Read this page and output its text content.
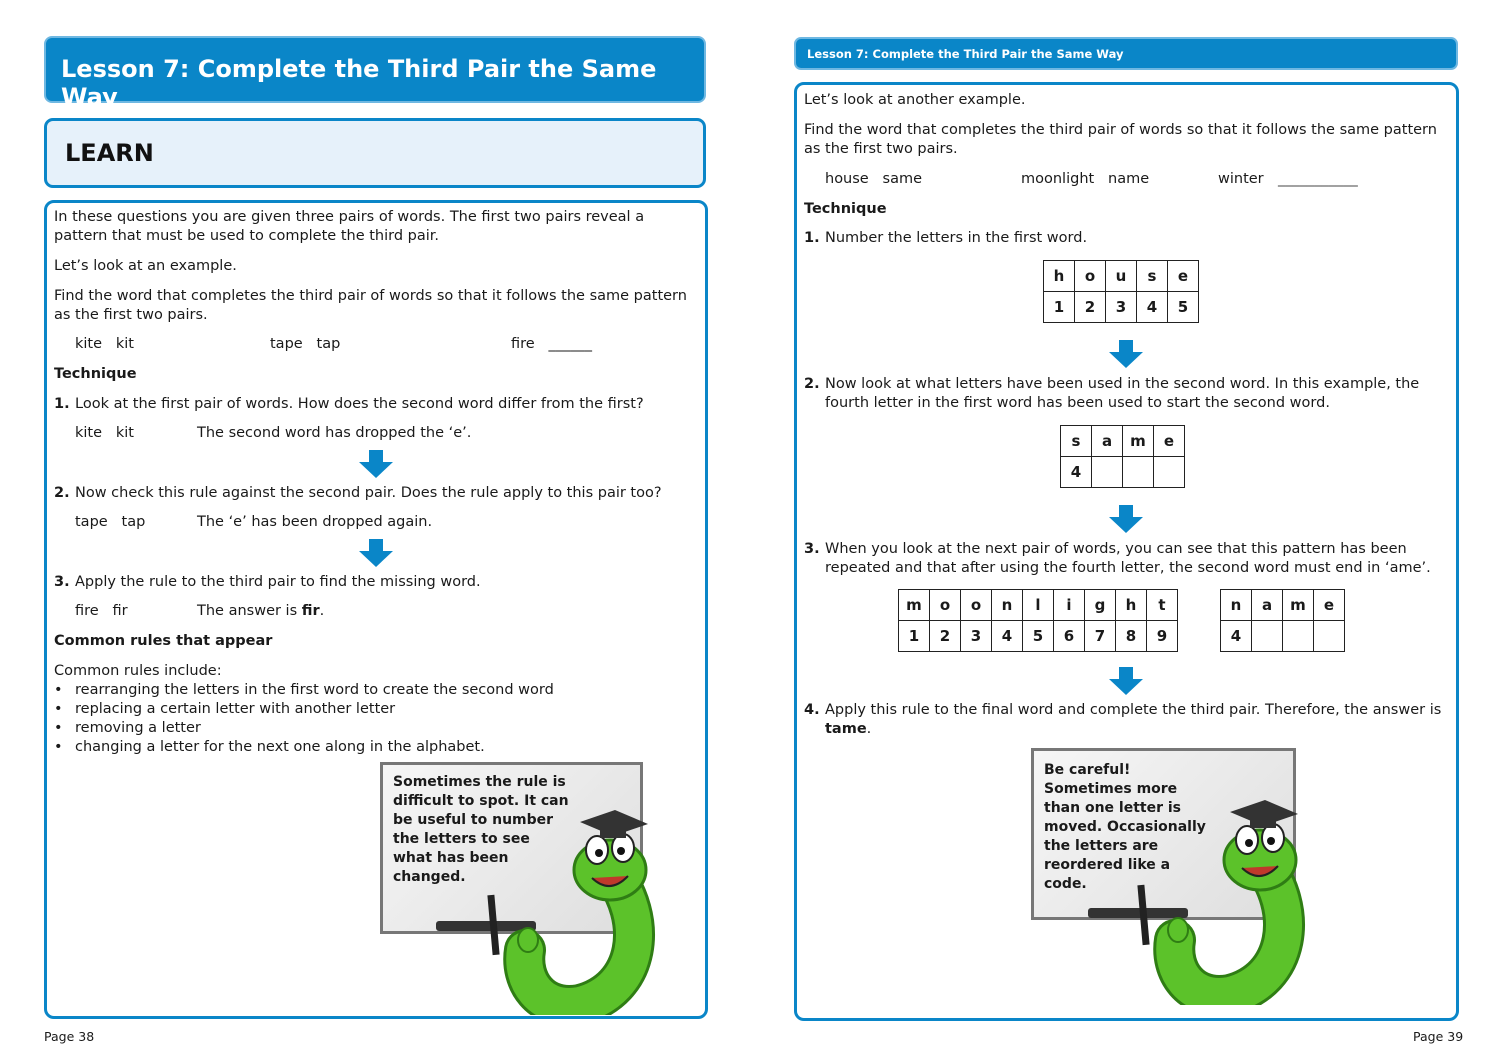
Lesson 7: Complete the Third Pair the Same Way
LEARN
In these questions you are given three pairs of words. The first two pairs reveal a pattern that must be used to complete the third pair.
Let’s look at an example.
Find the word that completes the third pair of words so that it follows the same pattern as the first two pairs.
kite   kit	tape   tap	fire   ______
Technique
1. Look at the first pair of words. How does the second word differ from the first?
kite   kit	The second word has dropped the ‘e’.
2. Now check this rule against the second pair. Does the rule apply to this pair too?
tape   tap	The ‘e’ has been dropped again.
3. Apply the rule to the third pair to find the missing word.
fire   fir	The answer is fir.
Common rules that appear
Common rules include:
• rearranging the letters in the first word to create the second word
• replacing a certain letter with another letter
• removing a letter
• changing a letter for the next one along in the alphabet.
Sometimes the rule is difficult to spot. It can be useful to number the letters to see what has been changed.
Page 38
Lesson 7: Complete the Third Pair the Same Way
Let’s look at another example.
Find the word that completes the third pair of words so that it follows the same pattern as the first two pairs.
house   same	moonlight   name	winter ___________
Technique
1. Number the letters in the first word.
h	o	u	s	e
1	2	3	4	5
2. Now look at what letters have been used in the second word. In this example, the fourth letter in the first word has been used to start the second word.
s	a	m	e
4			
3. When you look at the next pair of words, you can see that this pattern has been repeated and that after using the fourth letter, the second word must end in ‘ame’.
m	o	o	n	l	i	g	h	t
1	2	3	4	5	6	7	8	9
n	a	m	e
4			
4. Apply this rule to the final word and complete the third pair. Therefore, the answer is tame.
Be careful!
Sometimes more than one letter is moved. Occasionally the letters are reordered like a code.
Page 39
